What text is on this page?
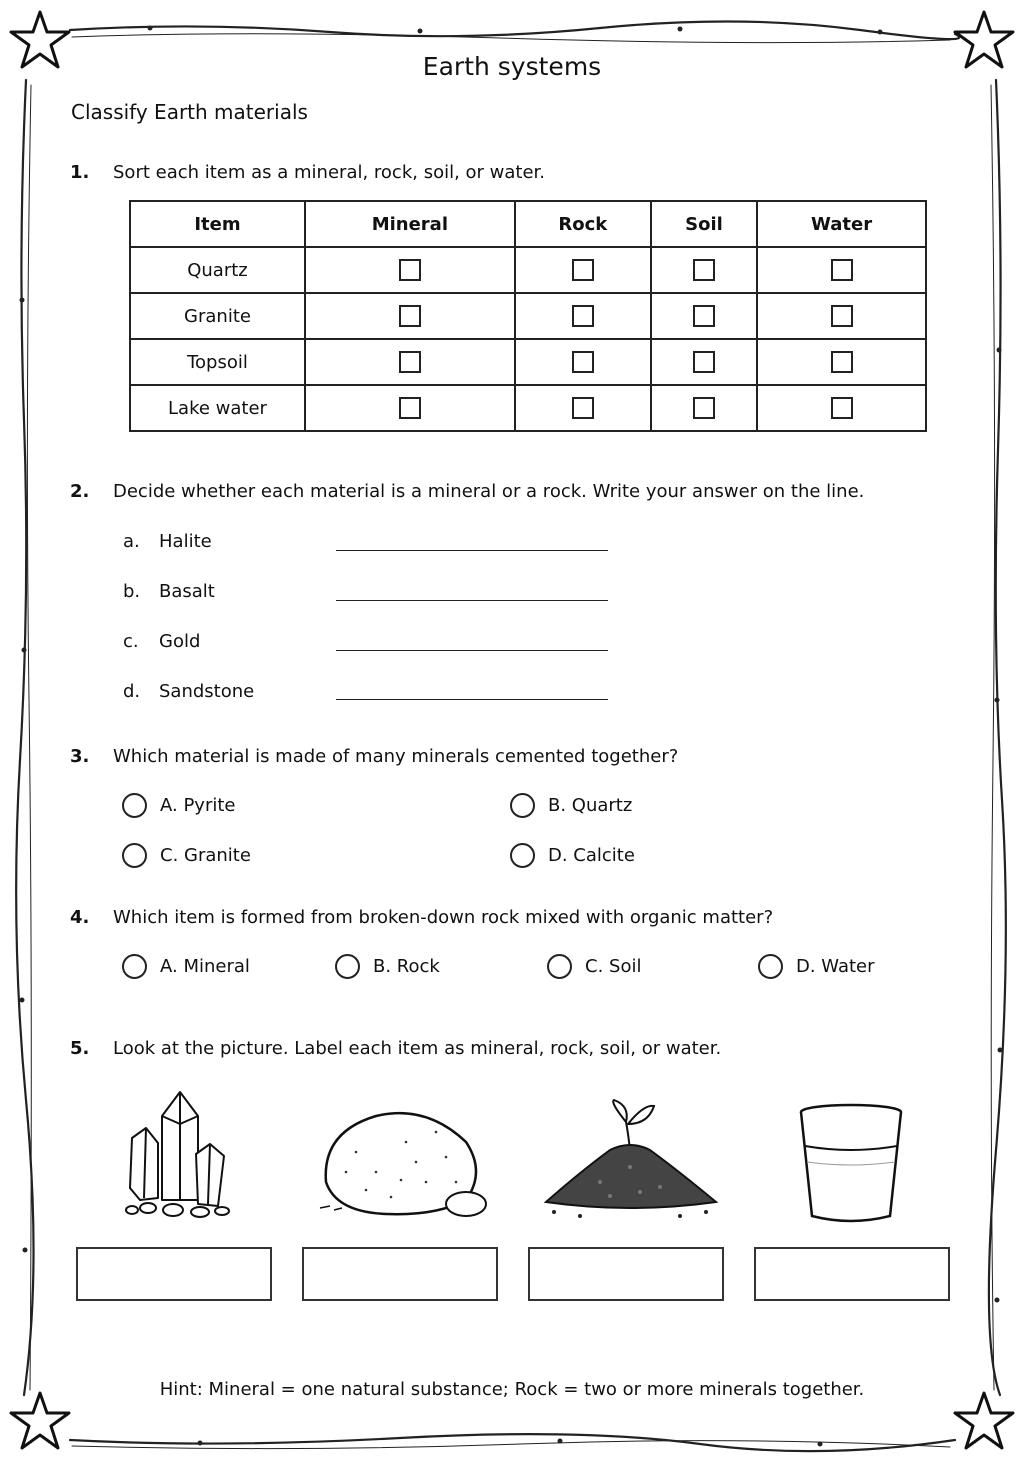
Earth systems
Classify Earth materials
1. Sort each item as a mineral, rock, soil, or water.
Item	Mineral	Rock	Soil	Water
Quartz				
Granite				
Topsoil				
Lake water				
2. Decide whether each material is a mineral or a rock. Write your answer on the line.
a. Halite
b. Basalt
c. Gold
d. Sandstone
3. Which material is made of many minerals cemented together?
A. Pyrite	B. Quartz
C. Granite	D. Calcite
4. Which item is formed from broken-down rock mixed with organic matter?
A. Mineral	B. Rock	C. Soil	D. Water
5. Look at the picture. Label each item as mineral, rock, soil, or water.
Hint: Mineral = one natural substance; Rock = two or more minerals together.
